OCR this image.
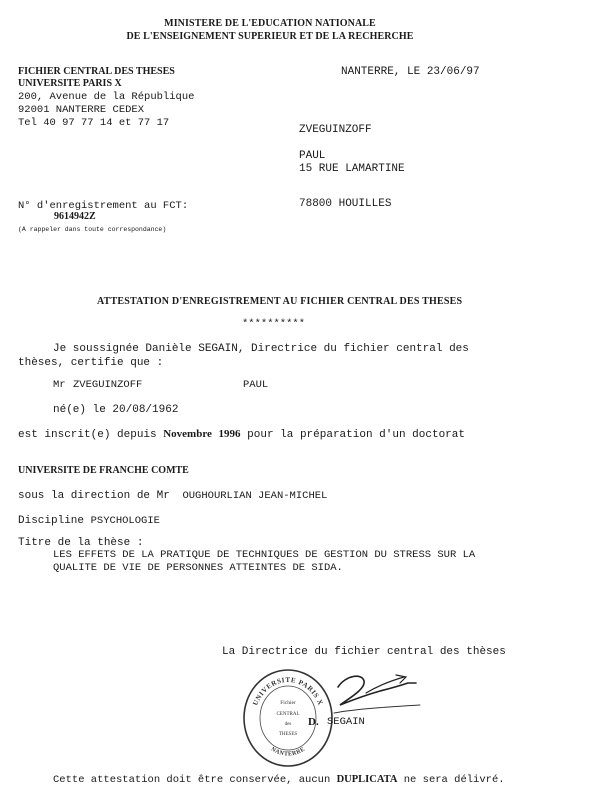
MINISTERE DE L'EDUCATION NATIONALE
DE L'ENSEIGNEMENT SUPERIEUR ET DE LA RECHERCHE
FICHIER CENTRAL DES THESES
UNIVERSITE PARIS X
200, Avenue de la République
92001 NANTERRE CEDEX
Tel 40 97 77 14 et 77 17
NANTERRE, LE 23/06/97
ZVEGUINZOFF
PAUL
15 RUE LAMARTINE
78800 HOUILLES
N° d'enregistrement au FCT:
9614942Z
(A rappeler dans toute correspondance)
ATTESTATION D'ENREGISTREMENT AU FICHIER CENTRAL DES THESES
**********
Je soussignée Danièle SEGAIN, Directrice du fichier central des
thèses, certifie que :
Mr ZVEGUINZOFF	PAUL
né(e) le 20/08/1962
est inscrit(e) depuis Novembre 1996 pour la préparation d'un doctorat
UNIVERSITE DE FRANCHE COMTE
sous la direction de Mr OUGHOURLIAN JEAN-MICHEL
Discipline PSYCHOLOGIE
Titre de la thèse :
LES EFFETS DE LA PRATIQUE DE TECHNIQUES DE GESTION DU STRESS SUR LA
QUALITE DE VIE DE PERSONNES ATTEINTES DE SIDA.
La Directrice du fichier central des thèses
UNIVERSITE PARIS X
NANTERRE
Fichier
CENTRAL
des
THESES
D. SEGAIN
Cette attestation doit être conservée, aucun DUPLICATA ne sera délivré.
